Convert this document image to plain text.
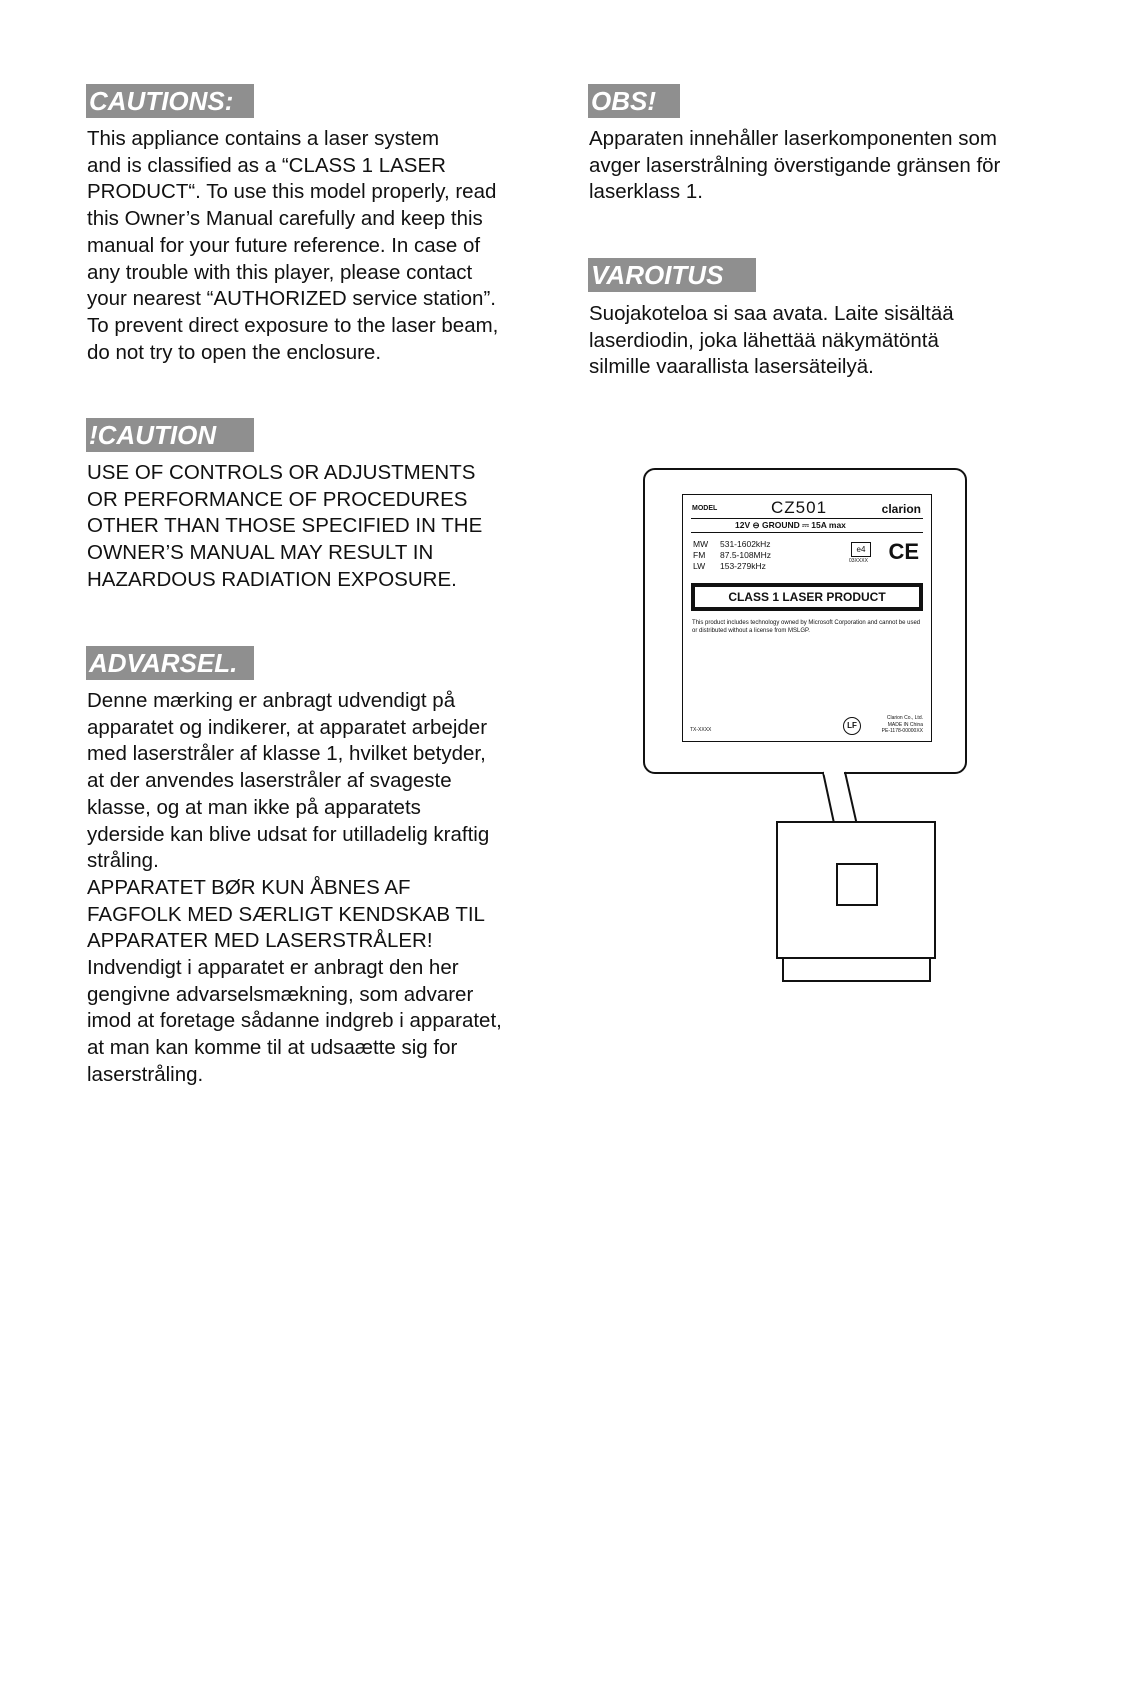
CAUTIONS:

This appliance contains a laser system
and is classified as a “CLASS 1 LASER
PRODUCT“. To use this model properly, read
this Owner’s Manual carefully and keep this
manual for your future reference. In case of
any trouble with this player, please contact
your nearest “AUTHORIZED service station”.
To prevent direct exposure to the laser beam,
do not try to open the enclosure.

!CAUTION

USE OF CONTROLS OR ADJUSTMENTS
OR PERFORMANCE OF PROCEDURES
OTHER THAN THOSE SPECIFIED IN THE
OWNER’S MANUAL MAY RESULT IN
HAZARDOUS RADIATION EXPOSURE.

ADVARSEL.

Denne mærking er anbragt udvendigt på
apparatet og indikerer, at apparatet arbejder
med laserstråler af klasse 1, hvilket betyder,
at der anvendes laserstråler af svageste
klasse, og at man ikke på apparatets
yderside kan blive udsat for utilladelig kraftig
stråling.
APPARATET BØR KUN ÅBNES AF
FAGFOLK MED SÆRLIGT KENDSKAB TIL
APPARATER MED LASERSTRÅLER!
Indvendigt i apparatet er anbragt den her
gengivne advarselsmækning, som advarer
imod at foretage sådanne indgreb i apparatet,
at man kan komme til at udsaætte sig for
laserstråling.

OBS!

Apparaten innehåller laserkomponenten som
avger laserstrålning överstigande gränsen för
laserklass 1.

VAROITUS

Suojakoteloa si saa avata. Laite sisältää
laserdiodin, joka lähettää näkymätöntä
silmille vaarallista lasersäteilyä.

MODEL	CZ501	clarion
12V ⊖ GROUND ⎓ 15A max
MW 531-1602kHz
FM 87.5-108MHz
LW 153-279kHz
e4
03XXXX CE
CLASS 1 LASER PRODUCT
This product includes technology owned by Microsoft Corporation and cannot be used or distributed without a license from MSLGP.
LF
Clarion Co., Ltd.
MADE IN China
PE-1178-00000XX
TX-XXXX
